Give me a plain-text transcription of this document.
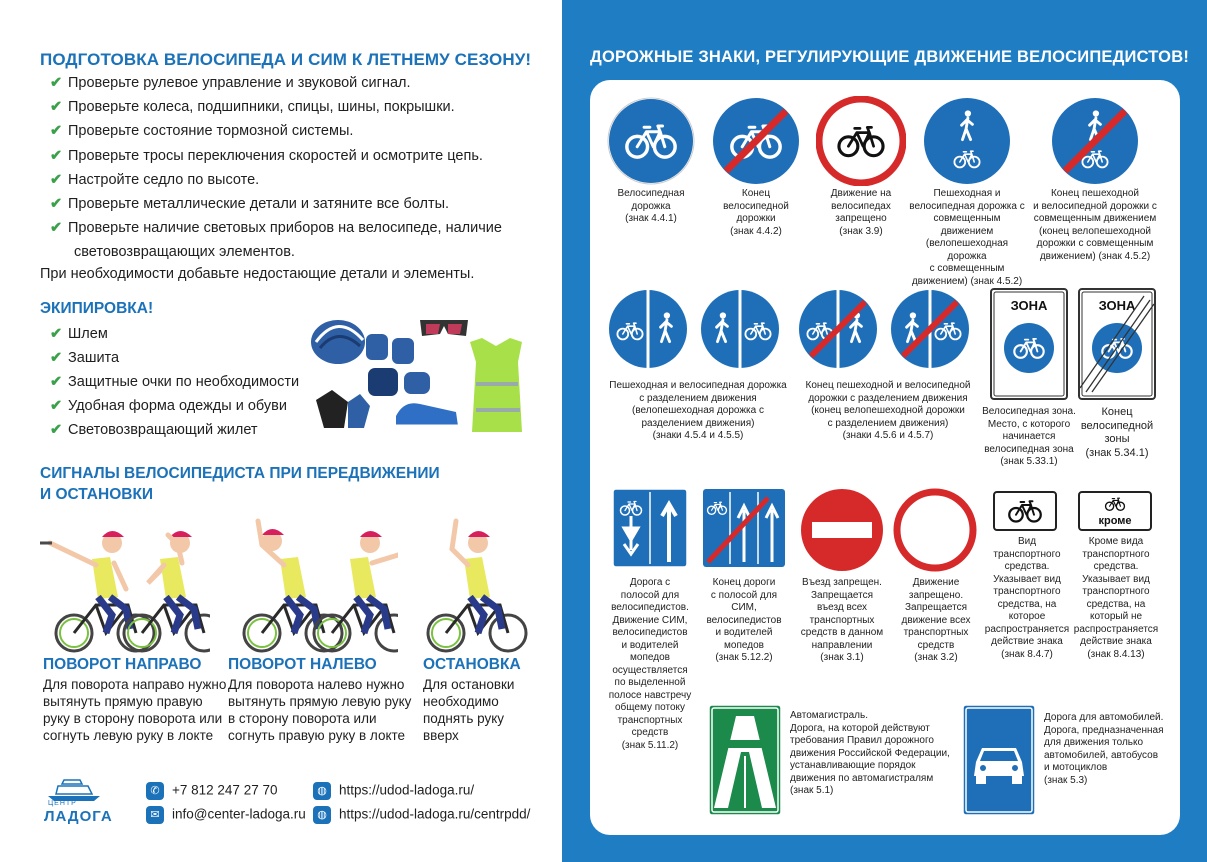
ПОДГОТОВКА ВЕЛОСИПЕДА И СИМ К ЛЕТНЕМУ СЕЗОНУ!
✔ Проверьте рулевое управление и звуковой сигнал.
✔ Проверьте колеса, подшипники, спицы, шины, покрышки.
✔ Проверьте состояние тормозной системы.
✔ Проверьте тросы переключения скоростей и осмотрите цепь.
✔ Настройте седло по высоте.
✔ Проверьте металлические детали и затяните все болты.
✔ Проверьте наличие световых приборов на велосипеде, наличие
световозвращающих элементов.
При необходимости добавьте недостающие детали и элементы.
ЭКИПИРОВКА!
✔ Шлем
✔ Зашита
✔ Защитные очки по необходимости
✔ Удобная форма одежды и обуви
✔ Световозвращающий жилет
СИГНАЛЫ ВЕЛОСИПЕДИСТА ПРИ ПЕРЕДВИЖЕНИИ
И ОСТАНОВКИ
ПОВОРОТ НАПРАВО
Для поворота направо нужно
вытянуть прямую правую
руку в сторону поворота или
согнуть левую руку в локте
ПОВОРОТ НАЛЕВО
Для поворота налево нужно
вытянуть прямую левую руку
в сторону поворота или
согнуть правую руку в локте
ОСТАНОВКА
Для остановки
необходимо
поднять руку
вверх
ЦЕНТР
ЛАДОГА
✆ +7 812 247 27 70
✉ info@center-ladoga.ru
◍ https://udod-ladoga.ru/
◍ https://udod-ladoga.ru/centrpdd/
ДОРОЖНЫЕ ЗНАКИ, РЕГУЛИРУЮЩИЕ ДВИЖЕНИЕ ВЕЛОСИПЕДИСТОВ!
Велосипедная
дорожка
(знак 4.4.1)
Конец
велосипедной
дорожки
(знак 4.4.2)
Движение на
велосипедах
запрещено
(знак 3.9)
Пешеходная и
велосипедная дорожка с
совмещенным движением
(велопешеходная дорожка
с совмещенным
движением) (знак 4.5.2)
Конец пешеходной
и велосипедной дорожки с
совмещенным движением
(конец велопешеходной
дорожки с совмещенным
движением) (знак 4.5.2)
ЗОНА	ЗОНА
Пешеходная и велосипедная дорожка
с разделением движения
(велопешеходная дорожка с
разделением движения)
(знаки 4.5.4 и 4.5.5)
Конец пешеходной и велосипедной
дорожки с разделением движения
(конец велопешеходной дорожки
с разделением движения)
(знаки 4.5.6 и 4.5.7)
Велосипедная зона.
Место, с которого
начинается
велосипедная зона
(знак 5.33.1)
Конец
велосипедной
зоны
(знак 5.34.1)
кроме
Дорога с
полосой для
велосипедистов.
Движение СИМ,
велосипедистов
и водителей
мопедов
осуществляется
по выделенной
полосе навстречу
общему потоку
транспортных
средств
(знак 5.11.2)
Конец дороги
с полосой для
СИМ,
велосипедистов
и водителей
мопедов
(знак 5.12.2)
Въезд запрещен.
Запрещается
въезд всех
транспортных
средств в данном
направлении
(знак 3.1)
Движение
запрещено.
Запрещается
движение всех
транспортных
средств
(знак 3.2)
Вид
транспортного
средства.
Указывает вид
транспортного
средства, на
которое
распространяется
действие знака
(знак 8.4.7)
Кроме вида
транспортного
средства.
Указывает вид
транспортного
средства, на
который не
распространяется
действие знака
(знак 8.4.13)
Автомагистраль.
Дорога, на которой действуют
требования Правил дорожного
движения Российской Федерации,
устанавливающие порядок
движения по автомагистралям
(знак 5.1)
Дорога для автомобилей.
Дорога, предназначенная
для движения только
автомобилей, автобусов
и мотоциклов
(знак 5.3)
